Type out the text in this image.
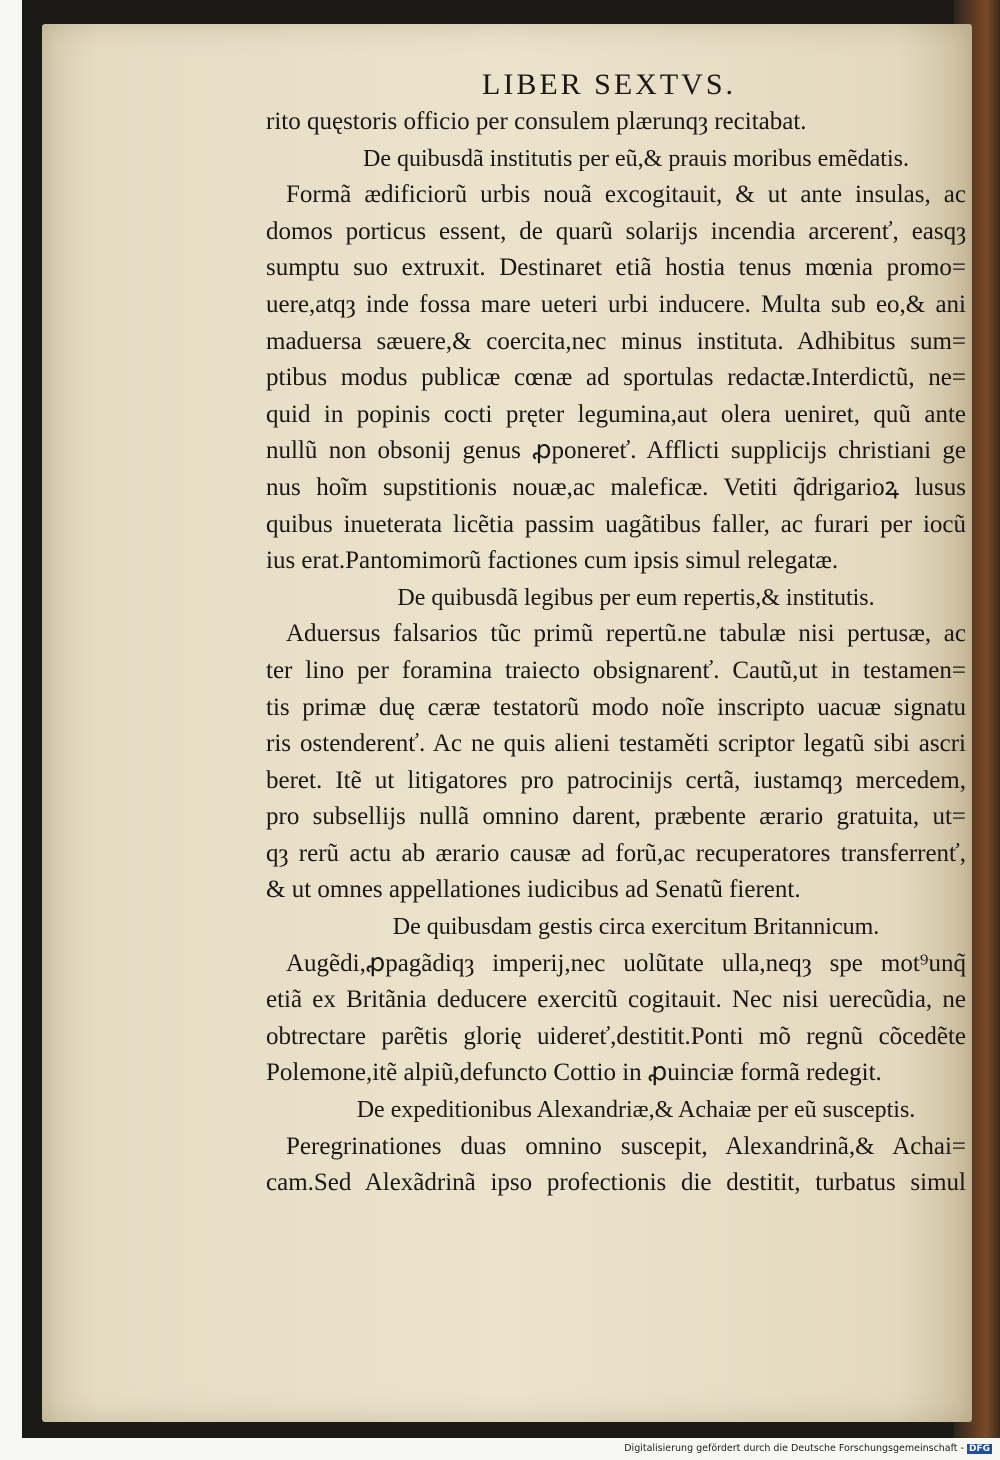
LIBER SEXTVS.
rito quęstoris officio per consulem plærunqȝ recitabat.
De quibusdã institutis per eũ,& prauis moribus emẽdatis.
Formã ædificiorũ urbis nouã excogitauit, & ut ante insulas, ac
domos porticus essent, de quarũ solarijs incendia arcerenť, easqȝ
sumptu suo extruxit. Destinaret etiã hostia tenus mœnia promo=
uere,atqȝ inde fossa mare ueteri urbi inducere. Multa sub eo,& ani
maduersa sæuere,& coercita,nec minus instituta. Adhibitus sum=
ptibus modus publicæ cœnæ ad sportulas redactæ.Interdictũ, ne=
quid in popinis cocti pręter legumina,aut olera ueniret, quũ ante
nullũ non obsonij genus ꝓponereť. Afflicti supplicijs christiani ge
nus hoĩm supstitionis nouæ,ac maleficæ. Vetiti q̃drigarioꝝ lusus
quibus inueterata licẽtia passim uagãtibus faller, ac furari per iocũ
ius erat.Pantomimorũ factiones cum ipsis simul relegatæ.
De quibusdã legibus per eum repertis,& institutis.
Aduersus falsarios tũc primũ repertũ.ne tabulæ nisi pertusæ, ac
ter lino per foramina traiecto obsignarenť. Cautũ,ut in testamen=
tis primæ duę cæræ testatorũ modo noĩe inscripto uacuæ signatu
ris ostenderenť. Ac ne quis alieni testaměti scriptor legatũ sibi ascri
beret. Itẽ ut litigatores pro patrocinijs certã, iustamqȝ mercedem,
pro subsellijs nullã omnino darent, præbente ærario gratuita, ut=
qȝ rerũ actu ab ærario causæ ad forũ,ac recuperatores transferrenť,
& ut omnes appellationes iudicibus ad Senatũ fierent.
De quibusdam gestis circa exercitum Britannicum.
Augẽdi,ꝓpagãdiqȝ imperij,nec uolũtate ulla,neqȝ spe mot⁹unq̃
etiã ex Britãnia deducere exercitũ cogitauit. Nec nisi uerecũdia, ne
obtrectare parẽtis glorię uidereť,destitit.Ponti mõ regnũ cõcedẽte
Polemone,itẽ alpiũ,defuncto Cottio in ꝓuinciæ formã redegit.
De expeditionibus Alexandriæ,& Achaiæ per eũ susceptis.
Peregrinationes duas omnino suscepit, Alexandrinã,& Achai=
cam.Sed Alexãdrinã ipso profectionis die destitit, turbatus simul
Digitalisierung gefördert durch die Deutsche Forschungsgemeinschaft - DFG
